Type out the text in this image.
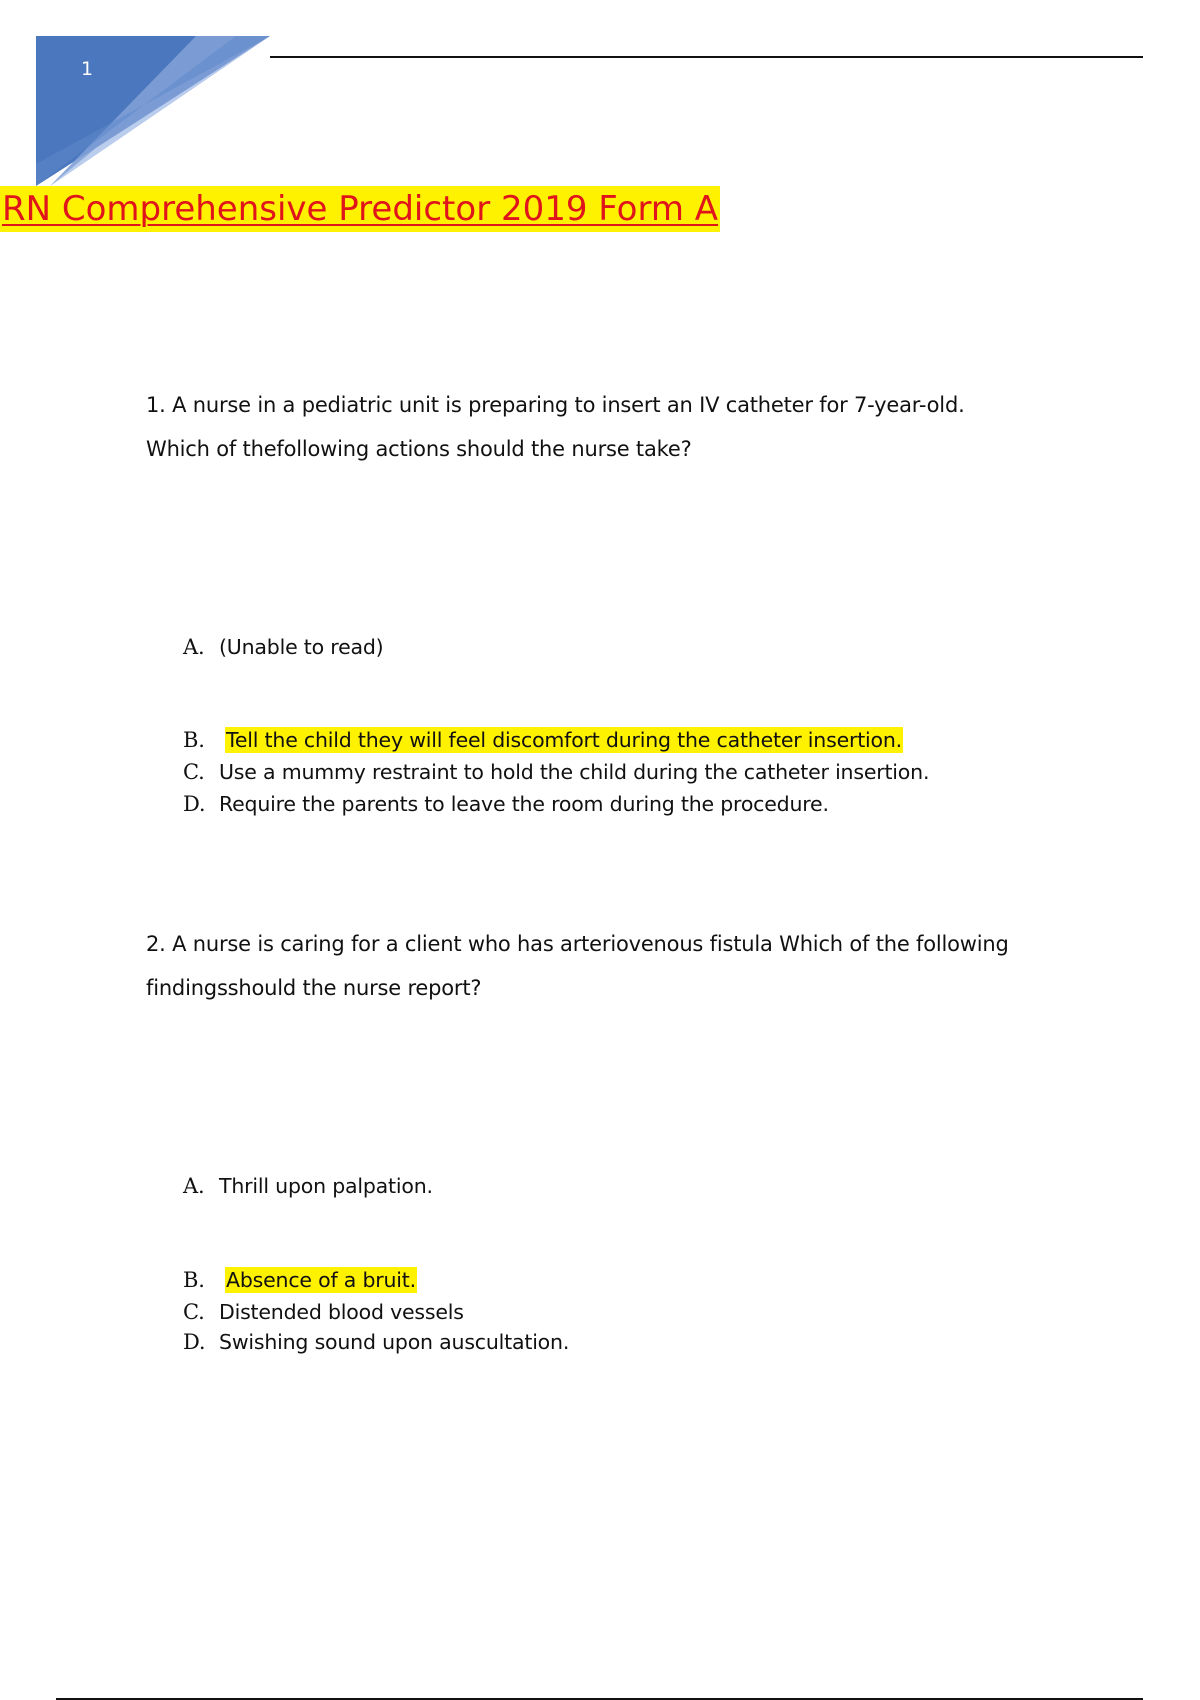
1
RN Comprehensive Predictor 2019 Form A
1. A nurse in a pediatric unit is preparing to insert an IV catheter for 7-year-old. Which of thefollowing actions should the nurse take?
A. (Unable to read)
B. Tell the child they will feel discomfort during the catheter insertion.
C. Use a mummy restraint to hold the child during the catheter insertion.
D. Require the parents to leave the room during the procedure.
2. A nurse is caring for a client who has arteriovenous fistula Which of the following findingsshould the nurse report?
A. Thrill upon palpation.
B. Absence of a bruit.
C. Distended blood vessels
D. Swishing sound upon auscultation.
